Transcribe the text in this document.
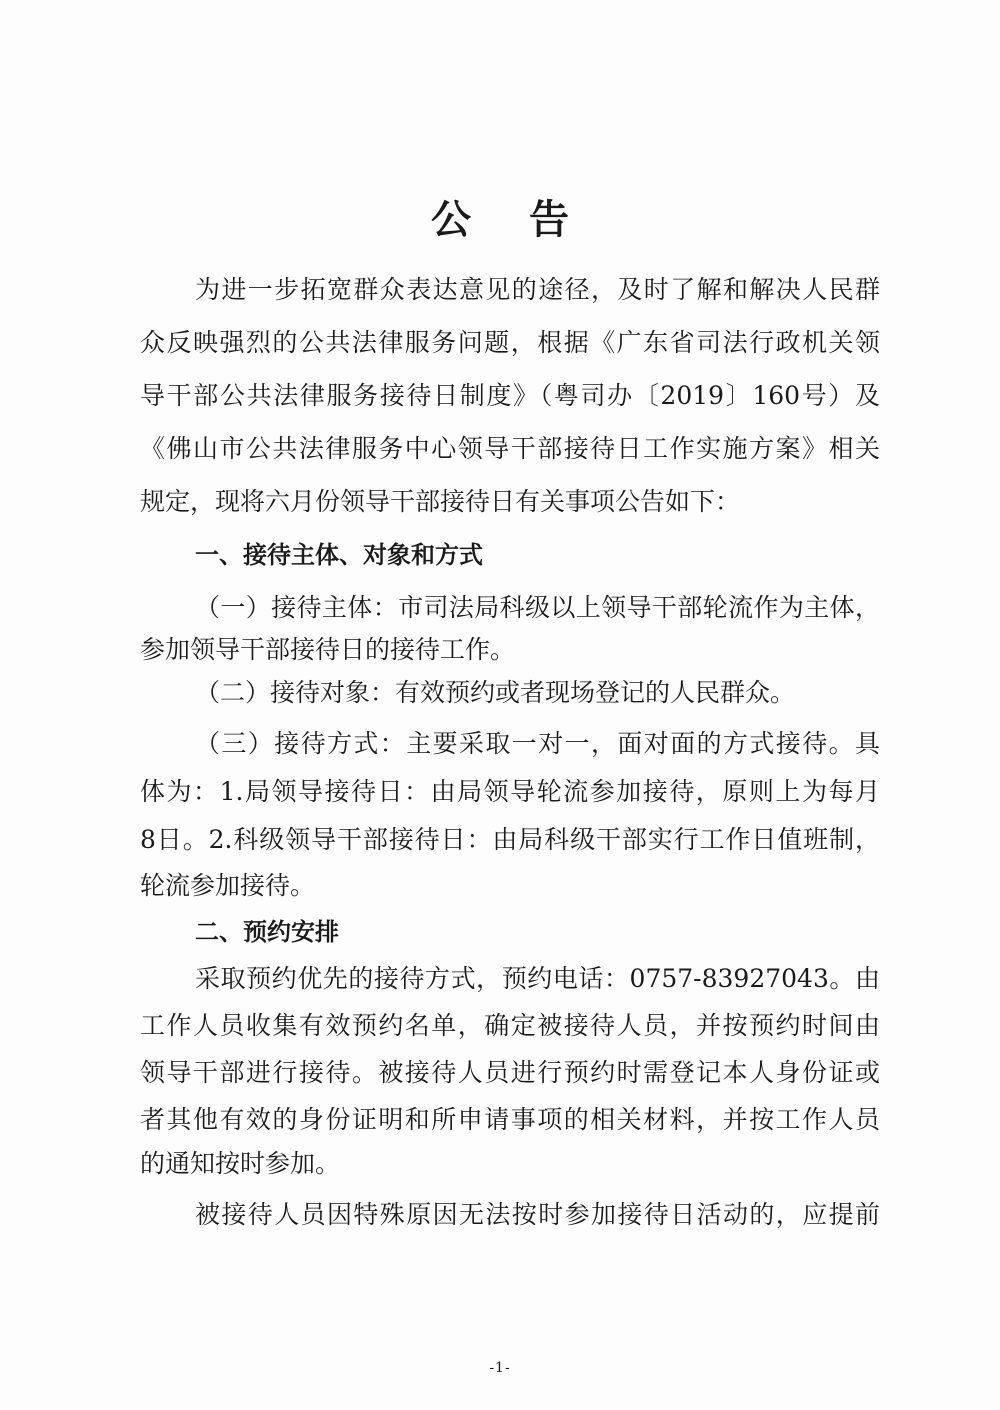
公 告
为进一步拓宽群众表达意见的途径，及时了解和解决人民群
众反映强烈的公共法律服务问题，根据《广东省司法行政机关领
导干部公共法律服务接待日制度》（粤司办〔2019〕160号）及
《佛山市公共法律服务中心领导干部接待日工作实施方案》相关
规定，现将六月份领导干部接待日有关事项公告如下：
一、接待主体、对象和方式
（一）接待主体：市司法局科级以上领导干部轮流作为主体，
参加领导干部接待日的接待工作。
（二）接待对象：有效预约或者现场登记的人民群众。
（三）接待方式：主要采取一对一，面对面的方式接待。具
体为：1.局领导接待日：由局领导轮流参加接待，原则上为每月
8日。2.科级领导干部接待日：由局科级干部实行工作日值班制，
轮流参加接待。
二、预约安排
采取预约优先的接待方式，预约电话：0757-83927043。由
工作人员收集有效预约名单，确定被接待人员，并按预约时间由
领导干部进行接待。被接待人员进行预约时需登记本人身份证或
者其他有效的身份证明和所申请事项的相关材料，并按工作人员
的通知按时参加。
被接待人员因特殊原因无法按时参加接待日活动的，应提前
-1-
